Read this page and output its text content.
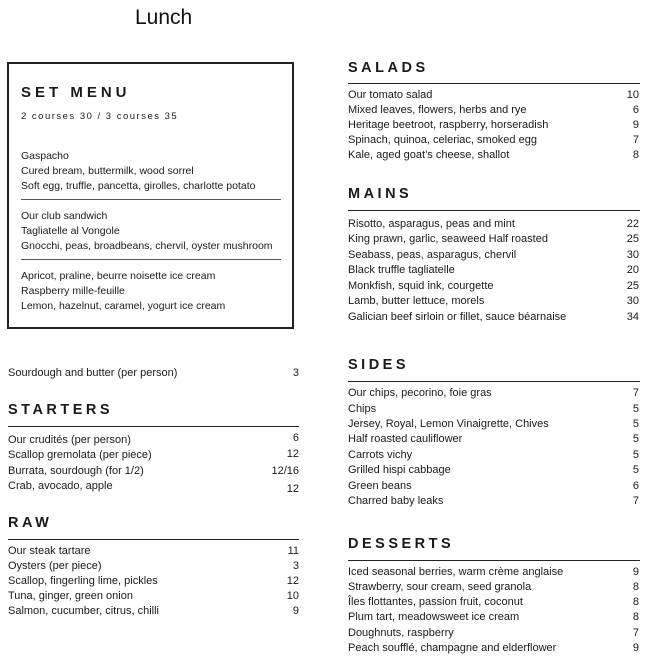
Lunch
SET MENU
2 courses 30 / 3 courses 35
Gaspacho
Cured bream, buttermilk, wood sorrel
Soft egg, truffle, pancetta, girolles, charlotte potato
Our club sandwich
Tagliatelle al Vongole
Gnocchi, peas, broadbeans, chervil, oyster mushroom
Apricot, praline, beurre noisette ice cream
Raspberry mille-feuille
Lemon, hazelnut, caramel, yogurt ice cream
Sourdough and butter (per person)	3
STARTERS
Our crudités (per person)	6
Scallop gremolata (per piece)	12
Burrata, sourdough (for 1/2)	12/16
Crab, avocado, apple	12
RAW
Our steak tartare	11
Oysters (per piece)	3
Scallop, fingerling lime, pickles	12
Tuna, ginger, green onion	10
Salmon, cucumber, citrus, chilli	9
SALADS
Our tomato salad	10
Mixed leaves, flowers, herbs and rye	6
Heritage beetroot, raspberry, horseradish	9
Spinach, quinoa, celeriac, smoked egg	7
Kale, aged goat’s cheese, shallot	8
MAINS
Risotto, asparagus, peas and mint	22
King prawn, garlic, seaweed Half roasted	25
Seabass, peas, asparagus, chervil	30
Black truffle tagliatelle	20
Monkfish, squid ink, courgette	25
Lamb, butter lettuce, morels	30
Galician beef sirloin or fillet, sauce béarnaise	34
SIDES
Our chips, pecorino, foie gras	7
Chips	5
Jersey, Royal, Lemon Vinaigrette, Chives	5
Half roasted cauliflower	5
Carrots vichy	5
Grilled hispi cabbage	5
Green beans	6
Charred baby leaks	7
DESSERTS
Iced seasonal berries, warm crème anglaise	9
Strawberry, sour cream, seed granola	8
Îles flottantes, passion fruit, coconut	8
Plum tart, meadowsweet ice cream	8
Doughnuts, raspberry	7
Peach soufflé, champagne and elderflower	9
